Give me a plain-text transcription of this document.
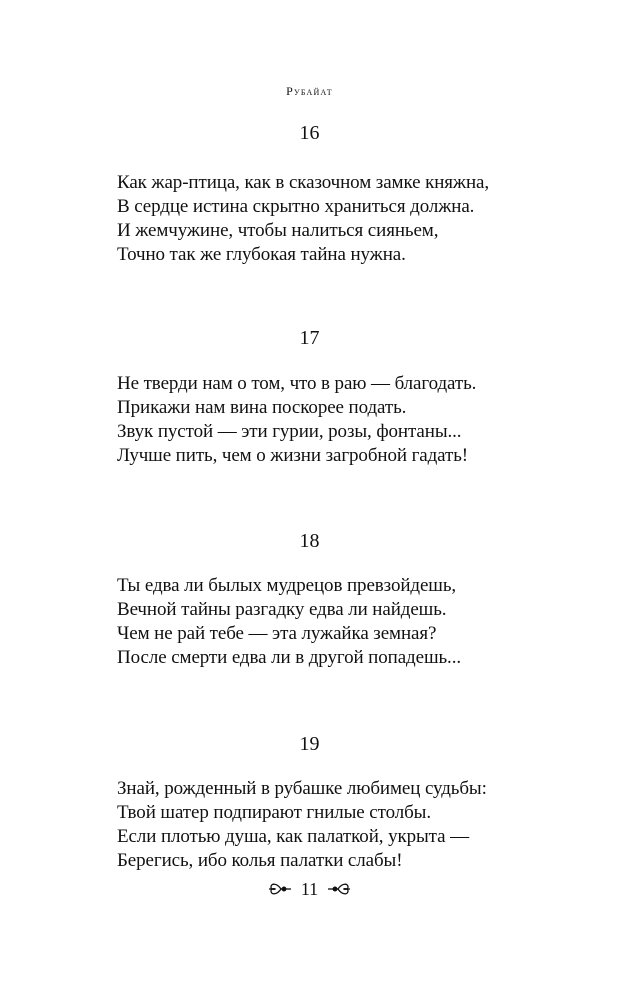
Рубайат
16
Как жар-птица, как в сказочном замке княжна,
В сердце истина скрытно храниться должна.
И жемчужине, чтобы налиться сияньем,
Точно так же глубокая тайна нужна.
17
Не тверди нам о том, что в раю — благодать.
Прикажи нам вина поскорее подать.
Звук пустой — эти гурии, розы, фонтаны...
Лучше пить, чем о жизни загробной гадать!
18
Ты едва ли былых мудрецов превзойдешь,
Вечной тайны разгадку едва ли найдешь.
Чем не рай тебе — эта лужайка земная?
После смерти едва ли в другой попадешь...
19
Знай, рожденный в рубашке любимец судьбы:
Твой шатер подпирают гнилые столбы.
Если плотью душа, как палаткой, укрыта —
Берегись, ибо колья палатки слабы!
11
